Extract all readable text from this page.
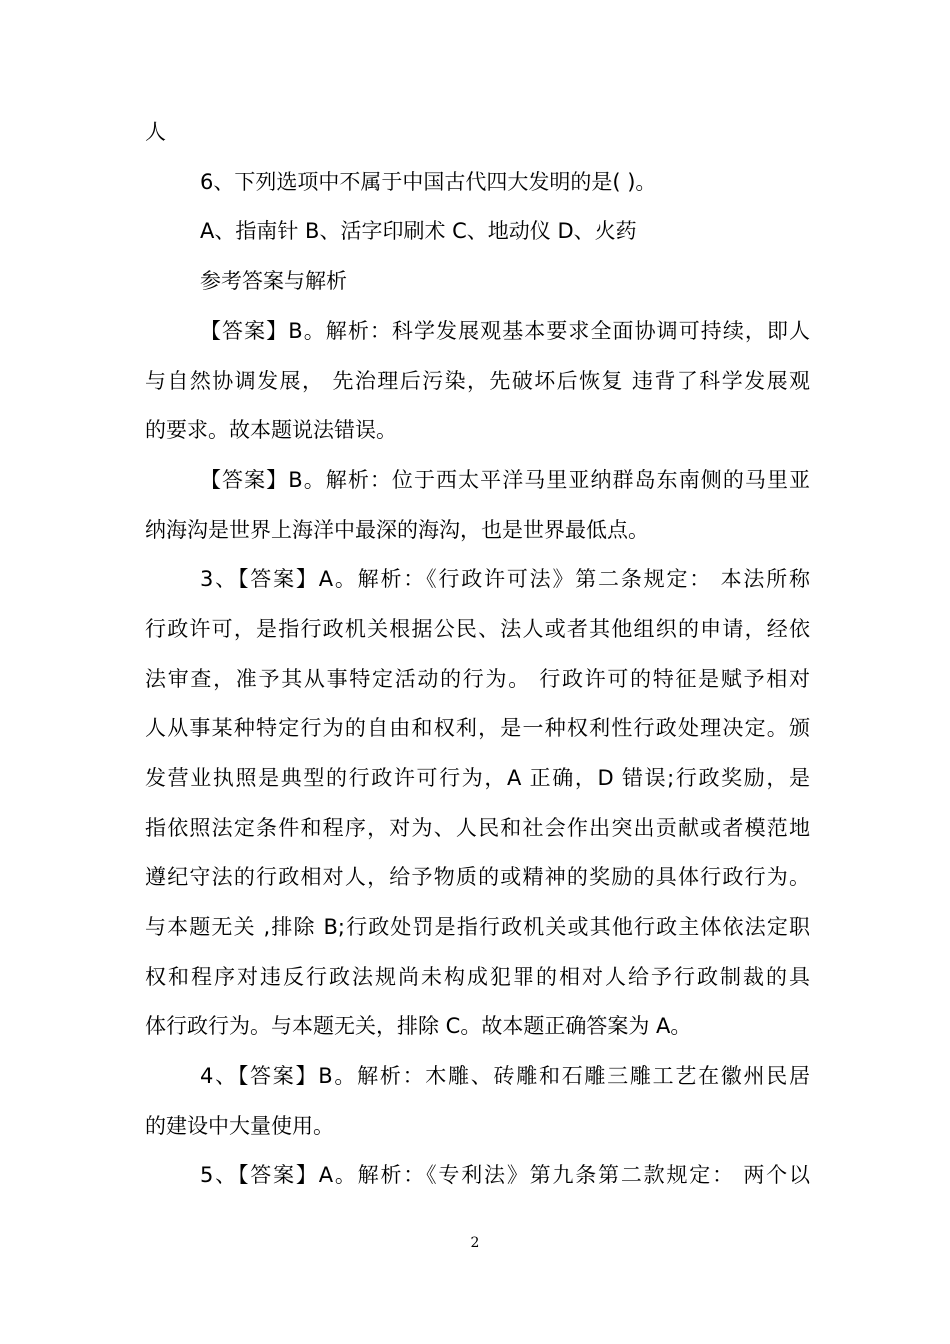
人
6、下列选项中不属于中国古代四大发明的是( )。
A、指南针 B、活字印刷术 C、地动仪 D、火药
参考答案与解析
【答案】B。解析：科学发展观基本要求全面协调可持续，即人
与自然协调发展， 先治理后污染，先破坏后恢复 违背了科学发展观
的要求。故本题说法错误。
【答案】B。解析：位于西太平洋马里亚纳群岛东南侧的马里亚
纳海沟是世界上海洋中最深的海沟，也是世界最低点。
3、【答案】A。解析：《行政许可法》第二条规定： 本法所称
行政许可，是指行政机关根据公民、法人或者其他组织的申请，经依
法审查，准予其从事特定活动的行为。 行政许可的特征是赋予相对
人从事某种特定行为的自由和权利，是一种权利性行政处理决定。颁
发营业执照是典型的行政许可行为，A 正确，D 错误;行政奖励，是
指依照法定条件和程序，对为、人民和社会作出突出贡献或者模范地
遵纪守法的行政相对人，给予物质的或精神的奖励的具体行政行为。
与本题无关 ,排除 B;行政处罚是指行政机关或其他行政主体依法定职
权和程序对违反行政法规尚未构成犯罪的相对人给予行政制裁的具
体行政行为。与本题无关，排除 C。故本题正确答案为 A。
4、【答案】B。解析：木雕、砖雕和石雕三雕工艺在徽州民居
的建设中大量使用。
5、【答案】A。解析：《专利法》第九条第二款规定： 两个以
2
